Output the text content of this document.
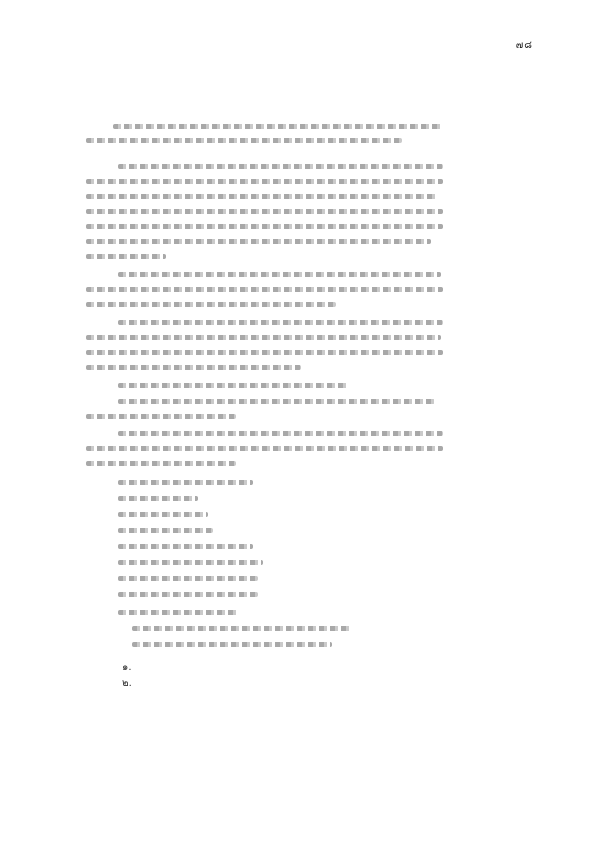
๗๘
๑.
๒.
